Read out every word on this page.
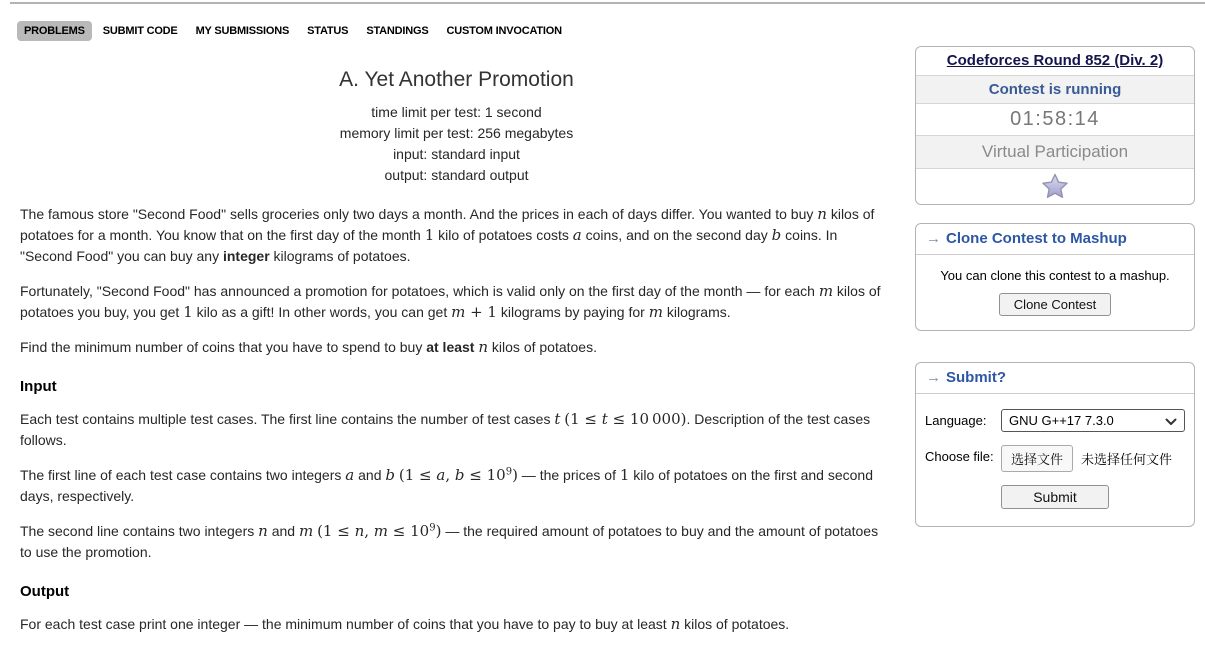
PROBLEMS	SUBMIT CODE	MY SUBMISSIONS	STATUS	STANDINGS	CUSTOM INVOCATION
A. Yet Another Promotion
time limit per test: 1 second
memory limit per test: 256 megabytes
input: standard input
output: standard output

The famous store "Second Food" sells groceries only two days a month. And the prices in each of days differ. You wanted to buy n kilos of potatoes for a month. You know that on the first day of the month 1 kilo of potatoes costs a coins, and on the second day b coins. In "Second Food" you can buy any integer kilograms of potatoes.

Fortunately, "Second Food" has announced a promotion for potatoes, which is valid only on the first day of the month — for each m kilos of potatoes you buy, you get 1 kilo as a gift! In other words, you can get m + 1 kilograms by paying for m kilograms.

Find the minimum number of coins that you have to spend to buy at least n kilos of potatoes.

Input

Each test contains multiple test cases. The first line contains the number of test cases t (1 ≤ t ≤ 10 000). Description of the test cases follows.

The first line of each test case contains two integers a and b (1 ≤ a, $b \le 10^9$) — the prices of 1 kilo of potatoes on the first and second days, respectively.

The second line contains two integers n and m (1 ≤ n, $m \le 10^9$) — the required amount of potatoes to buy and the amount of potatoes to use the promotion.

Output

For each test case print one integer — the minimum number of coins that you have to pay to buy at least n kilos of potatoes.

Codeforces Round 852 (Div. 2)
Contest is running
01:58:14
Virtual Participation
→ Clone Contest to Mashup
You can clone this contest to a mashup.
Clone Contest
→ Submit?
Language:	GNU G++17 7.3.0
Choose file:	选择文件	未选择任何文件
Submit
